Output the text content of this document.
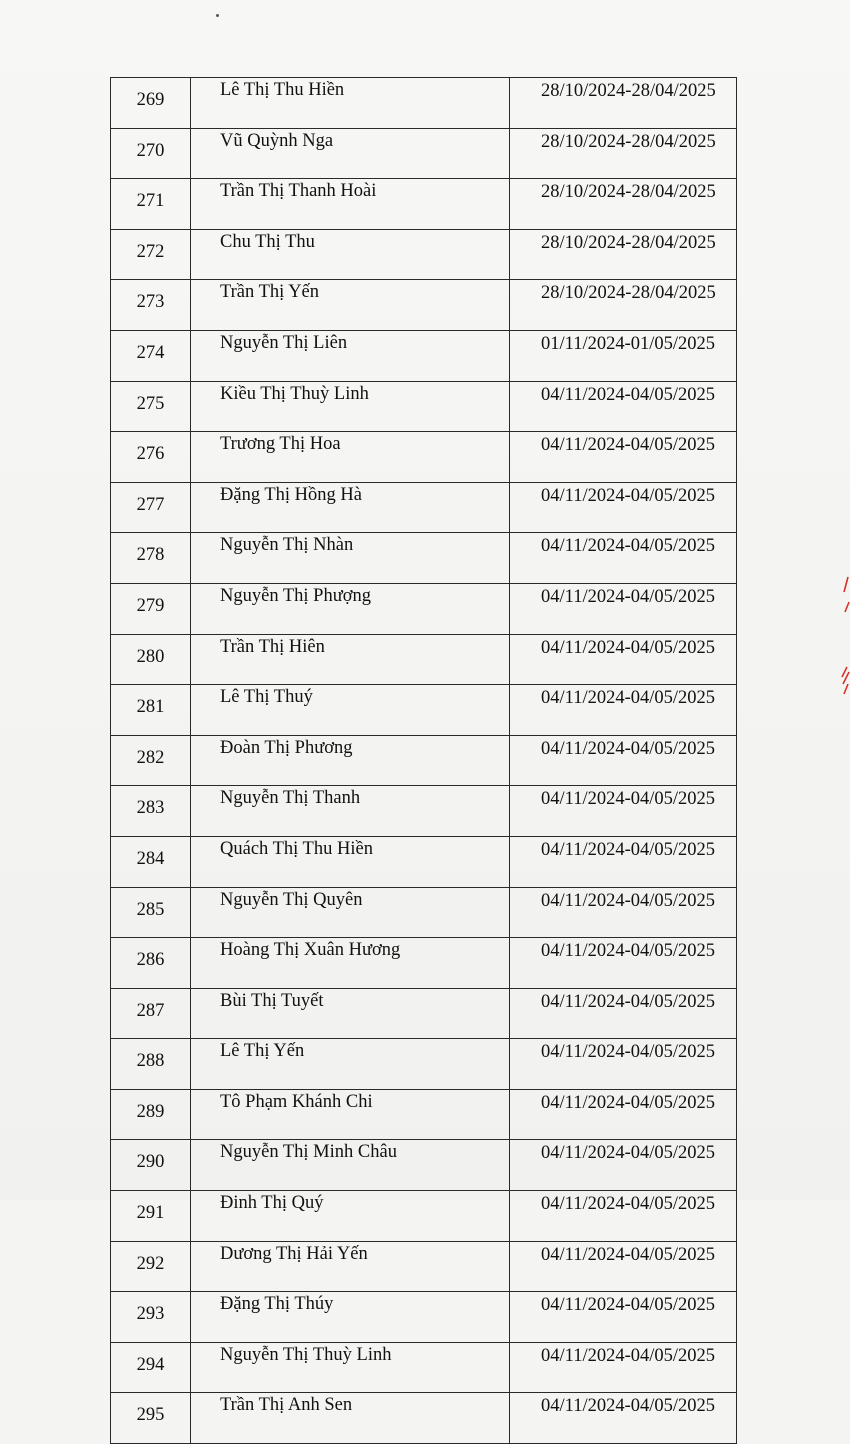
269	Lê Thị Thu Hiền	28/10/2024-28/04/2025
270	Vũ Quỳnh Nga	28/10/2024-28/04/2025
271	Trần Thị Thanh Hoài	28/10/2024-28/04/2025
272	Chu Thị Thu	28/10/2024-28/04/2025
273	Trần Thị Yến	28/10/2024-28/04/2025
274	Nguyễn Thị Liên	01/11/2024-01/05/2025
275	Kiều Thị Thuỳ Linh	04/11/2024-04/05/2025
276	Trương Thị Hoa	04/11/2024-04/05/2025
277	Đặng Thị Hồng Hà	04/11/2024-04/05/2025
278	Nguyễn Thị Nhàn	04/11/2024-04/05/2025
279	Nguyễn Thị Phượng	04/11/2024-04/05/2025
280	Trần Thị Hiên	04/11/2024-04/05/2025
281	Lê Thị Thuý	04/11/2024-04/05/2025
282	Đoàn Thị Phương	04/11/2024-04/05/2025
283	Nguyễn Thị Thanh	04/11/2024-04/05/2025
284	Quách Thị Thu Hiền	04/11/2024-04/05/2025
285	Nguyễn Thị Quyên	04/11/2024-04/05/2025
286	Hoàng Thị Xuân Hương	04/11/2024-04/05/2025
287	Bùi Thị Tuyết	04/11/2024-04/05/2025
288	Lê Thị Yến	04/11/2024-04/05/2025
289	Tô Phạm Khánh Chi	04/11/2024-04/05/2025
290	Nguyễn Thị Minh Châu	04/11/2024-04/05/2025
291	Đinh Thị Quý	04/11/2024-04/05/2025
292	Dương Thị Hải Yến	04/11/2024-04/05/2025
293	Đặng Thị Thúy	04/11/2024-04/05/2025
294	Nguyễn Thị Thuỳ Linh	04/11/2024-04/05/2025
295	Trần Thị Anh Sen	04/11/2024-04/05/2025
